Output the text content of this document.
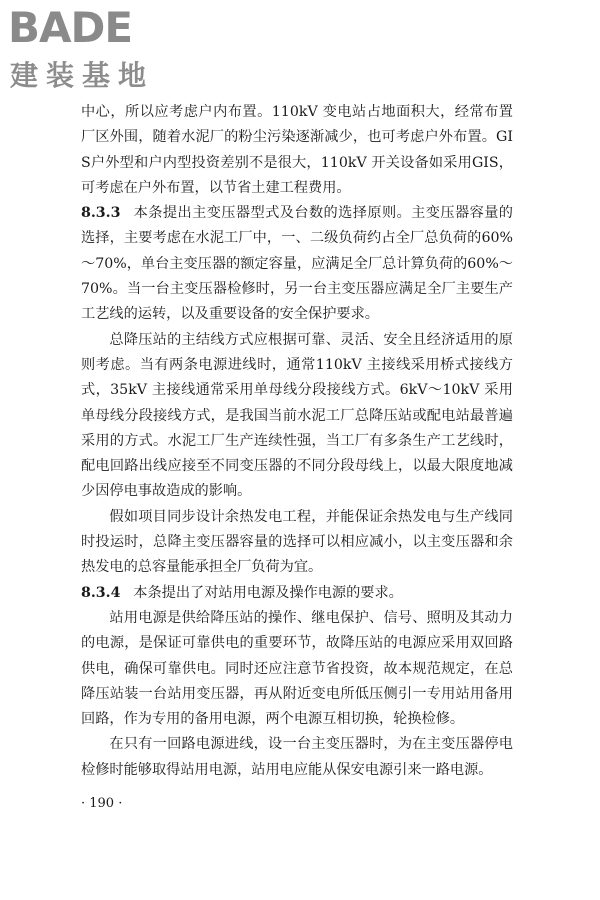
BADE
建装基地

中心，所以应考虑户内布置。110kV 变电站占地面积大，经常布置厂区外围，随着水泥厂的粉尘污染逐渐减少，也可考虑户外布置。GIS户外型和户内型投资差别不是很大，110kV 开关设备如采用GIS，可考虑在户外布置，以节省土建工程费用。

8.3.3 本条提出主变压器型式及台数的选择原则。主变压器容量的选择，主要考虑在水泥工厂中，一、二级负荷约占全厂总负荷的60%～70%，单台主变压器的额定容量，应满足全厂总计算负荷的60%～70%。当一台主变压器检修时，另一台主变压器应满足全厂主要生产工艺线的运转，以及重要设备的安全保护要求。

总降压站的主结线方式应根据可靠、灵活、安全且经济适用的原则考虑。当有两条电源进线时，通常110kV 主接线采用桥式接线方式，35kV 主接线通常采用单母线分段接线方式。6kV～10kV 采用单母线分段接线方式，是我国当前水泥工厂总降压站或配电站最普遍采用的方式。水泥工厂生产连续性强，当工厂有多条生产工艺线时，配电回路出线应接至不同变压器的不同分段母线上，以最大限度地减少因停电事故造成的影响。

假如项目同步设计余热发电工程，并能保证余热发电与生产线同时投运时，总降主变压器容量的选择可以相应减小，以主变压器和余热发电的总容量能承担全厂负荷为宜。

8.3.4 本条提出了对站用电源及操作电源的要求。

站用电源是供给降压站的操作、继电保护、信号、照明及其动力的电源，是保证可靠供电的重要环节，故降压站的电源应采用双回路供电，确保可靠供电。同时还应注意节省投资，故本规范规定，在总降压站装一台站用变压器，再从附近变电所低压侧引一专用站用备用回路，作为专用的备用电源，两个电源互相切换，轮换检修。

在只有一回路电源进线，设一台主变压器时，为在主变压器停电检修时能够取得站用电源，站用电应能从保安电源引来一路电源。

· 190 ·
